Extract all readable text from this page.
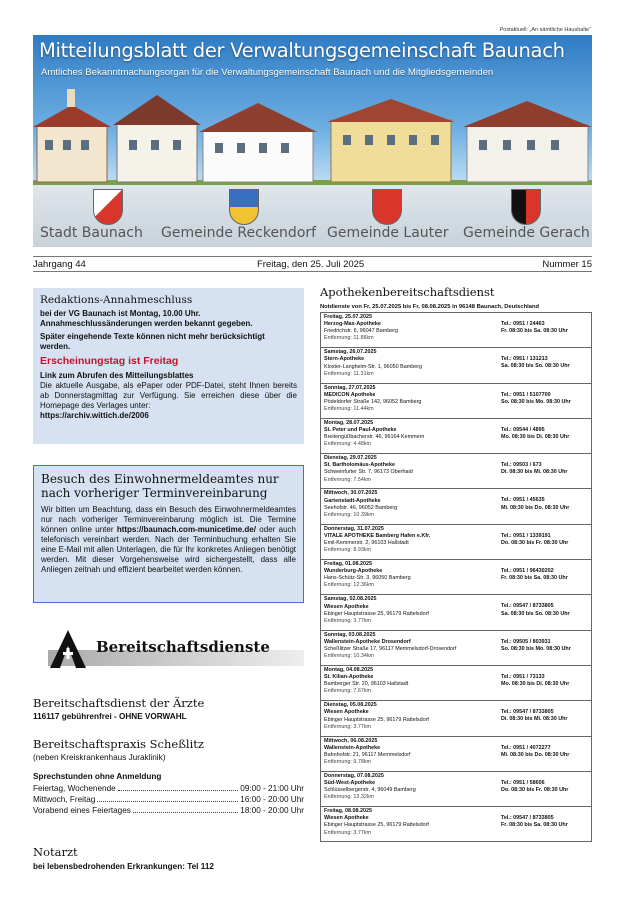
Postaktuell: „An sämtliche Haushalte“
Mitteilungsblatt der Verwaltungsgemeinschaft Baunach
Amtliches Bekanntmachungsorgan für die Verwaltungsgemeinschaft Baunach und die Mitgliedsgemeinden
Stadt Baunach Gemeinde Reckendorf Gemeinde Lauter Gemeinde Gerach
Jahrgang 44	Freitag, den 25. Juli 2025	Nummer 15
Redaktions-Annahmeschluss

bei der VG Baunach ist Montag, 10.00 Uhr.

Annahmeschlussänderungen werden bekannt gegeben.

Später eingehende Texte können nicht mehr berücksichtigt werden.

Erscheinungstag ist Freitag

Link zum Abrufen des Mitteilungsblattes

Die aktuelle Ausgabe, als ePaper oder PDF-Datei, steht Ihnen bereits ab Donnerstagmittag zur Verfügung. Sie erreichen diese über die Homepage des Verlages unter:

https://archiv.wittich.de/2006

Besuch des Einwohnermeldeamtes nur nach vorheriger Terminvereinbarung

Wir bitten um Beachtung, dass ein Besuch des Einwohnermeldeamtes nur nach vorheriger Terminvereinbarung möglich ist. Die Termine können online unter https://baunach.com-municetime.de/ oder auch telefonisch vereinbart werden. Nach der Terminbuchung erhalten Sie eine E-Mail mit allen Unterlagen, die für Ihr konkretes Anliegen benötigt werden. Mit dieser Vorgehensweise wird sichergestellt, dass alle Anliegen zeitnah und effizient bearbeitet werden können.

Bereitschaftsdienste
Bereitschaftsdienst der Ärzte
116117 gebührenfrei - OHNE VORWAHL
Bereitschaftspraxis Scheßlitz
(neben Kreiskrankenhaus Juraklinik)
Sprechstunden ohne Anmeldung
Feiertag, Wochenende	09:00 - 21:00 Uhr
Mittwoch, Freitag	16:00 - 20:00 Uhr
Vorabend eines Feiertages	18:00 - 20:00 Uhr
Notarzt
bei lebensbedrohenden Erkrankungen: Tel 112
Apothekenbereitschaftsdienst
Notdienste von Fr, 25.07.2025 bis Fr, 08.08.2025 in 96148 Baunach, Deutschland
Freitag, 25.07.2025
Herzog-Max-Apotheke
Friedrichstr. 6, 96047 Bamberg
Entfernung: 11.88km
Tel.: 0951 / 24463
Fr. 08:30 bis Sa. 08:30 Uhr
Samstag, 26.07.2025
Stern-Apotheke
Kloster-Langheim-Str. 1, 96050 Bamberg
Entfernung: 11.31km
Tel.: 0951 / 131213
Sa. 08:30 bis So. 08:30 Uhr
Sonntag, 27.07.2025
MEDICON Apotheke
Pödeldorfer Straße 142, 96052 Bamberg
Entfernung: 11.44km
Tel.: 0951 / 5107700
So. 08:30 bis Mo. 08:30 Uhr
Montag, 28.07.2025
St. Peter und Paul-Apotheke
Breitengüßbacherstr. 46, 96164 Kemmern
Entfernung: 4.48km
Tel.: 09544 / 4895
Mo. 08:30 bis Di. 08:30 Uhr
Dienstag, 29.07.2025
St. Bartholomäus-Apotheke
Schweinfurter Str. 7, 96173 Oberhaid
Entfernung: 7.54km
Tel.: 09503 / 673
Di. 08:30 bis Mi. 08:30 Uhr
Mittwoch, 30.07.2025
Gartenstadt-Apotheke
Seehofstr. 46, 96052 Bamberg
Entfernung: 10.39km
Tel.: 0951 / 45635
Mi. 08:30 bis Do. 08:30 Uhr
Donnerstag, 31.07.2025
VITALE APOTHEKE Bamberg Hafen e.Kfr.
Emil-Kemmerstr. 2, 96103 Hallstadt
Entfernung: 8.93km
Tel.: 0951 / 1339191
Do. 08:30 bis Fr. 08:30 Uhr
Freitag, 01.08.2025
Wunderburg-Apotheke
Hans-Schütz-Str. 3, 96050 Bamberg
Entfernung: 12.36km
Tel.: 0951 / 96430202
Fr. 08:30 bis Sa. 08:30 Uhr
Samstag, 02.08.2025
Wiesen Apotheke
Ebinger Hauptstrasse 25, 96179 Rattelsdorf
Entfernung: 3.77km
Tel.: 09547 / 8733805
Sa. 08:30 bis So. 08:30 Uhr
Sonntag, 03.08.2025
Wallenstein-Apotheke Drosendorf
Scheßlitzer Straße 17, 96117 Memmelsdorf-Drosendorf
Entfernung: 10.34km
Tel.: 09505 / 803931
So. 08:30 bis Mo. 08:30 Uhr
Montag, 04.08.2025
St. Kilian-Apotheke
Bamberger Str. 20, 96103 Hallstadt
Entfernung: 7.67km
Tel.: 0951 / 73133
Mo. 08:30 bis Di. 08:30 Uhr
Dienstag, 05.08.2025
Wiesen Apotheke
Ebinger Hauptstrasse 25, 96179 Rattelsdorf
Entfernung: 3.77km
Tel.: 09547 / 8733805
Di. 08:30 bis Mi. 08:30 Uhr
Mittwoch, 06.08.2025
Wallenstein-Apotheke
Bahnhofstr. 21, 96117 Memmelsdorf
Entfernung: 9.78km
Tel.: 0951 / 4072277
Mi. 08:30 bis Do. 08:30 Uhr
Donnerstag, 07.08.2025
Süd-West-Apotheke
Schlüsselbergerstr. 4, 96049 Bamberg
Entfernung: 13.32km
Tel.: 0951 / 58606
Do. 08:30 bis Fr. 08:30 Uhr
Freitag, 08.08.2025
Wiesen Apotheke
Ebinger Hauptstrasse 25, 96179 Rattelsdorf
Entfernung: 3.77km
Tel.: 09547 / 8733805
Fr. 08:30 bis Sa. 08:30 Uhr
